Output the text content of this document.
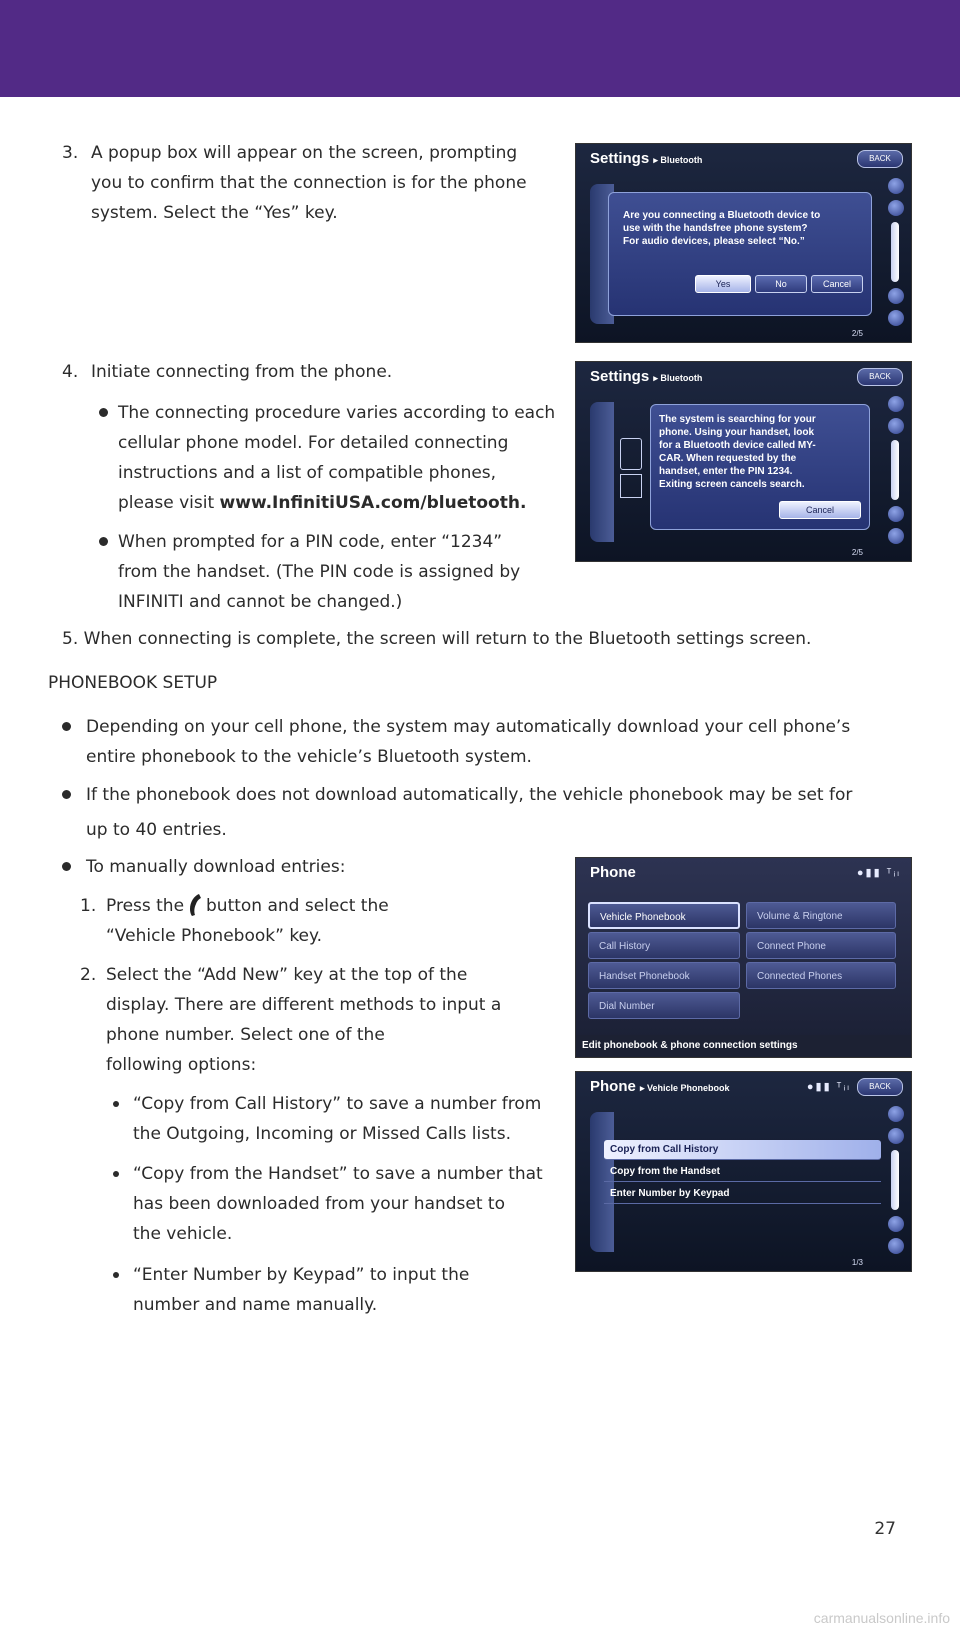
3. A popup box will appear on the screen, prompting
you to confirm that the connection is for the phone
system. Select the “Yes” key.
4. Initiate connecting from the phone.
The connecting procedure varies according to each
cellular phone model. For detailed connecting
instructions and a list of compatible phones,
please visit www.InfinitiUSA.com/bluetooth.
When prompted for a PIN code, enter “1234”
from the handset. (The PIN code is assigned by
INFINITI and cannot be changed.)
5. When connecting is complete, the screen will return to the Bluetooth settings screen.
PHONEBOOK SETUP
Depending on your cell phone, the system may automatically download your cell phone’s
entire phonebook to the vehicle’s Bluetooth system.
If the phonebook does not download automatically, the vehicle phonebook may be set for
up to 40 entries.
To manually download entries:
1. Press the button and select the
“Vehicle Phonebook” key.
2. Select the “Add New” key at the top of the
display. There are different methods to input a
phone number. Select one of the
following options:
“Copy from Call History” to save a number from
the Outgoing, Incoming or Missed Calls lists.
“Copy from the Handset” to save a number that
has been downloaded from your handset to
the vehicle.
“Enter Number by Keypad” to input the
number and name manually.
Settings ▸ Bluetooth	BACK
Are you connecting a Bluetooth device to
use with the handsfree phone system?
For audio devices, please select “No.”
Yes	No	Cancel
2/5
Settings ▸ Bluetooth	BACK
The system is searching for your
phone. Using your handset, look
for a Bluetooth device called MY-
CAR. When requested by the
handset, enter the PIN 1234.
Exiting screen cancels search.
Cancel
2/5
Phone	●▮▮ ᵀᵢₗ
Vehicle Phonebook
Call History
Handset Phonebook
Dial Number
Volume & Ringtone
Connect Phone
Connected Phones
Edit phonebook & phone connection settings
Phone ▸ Vehicle Phonebook	●▮▮ ᵀᵢₗ	BACK
Copy from Call History
Copy from the Handset
Enter Number by Keypad
1/3
27
carmanualsonline.info
